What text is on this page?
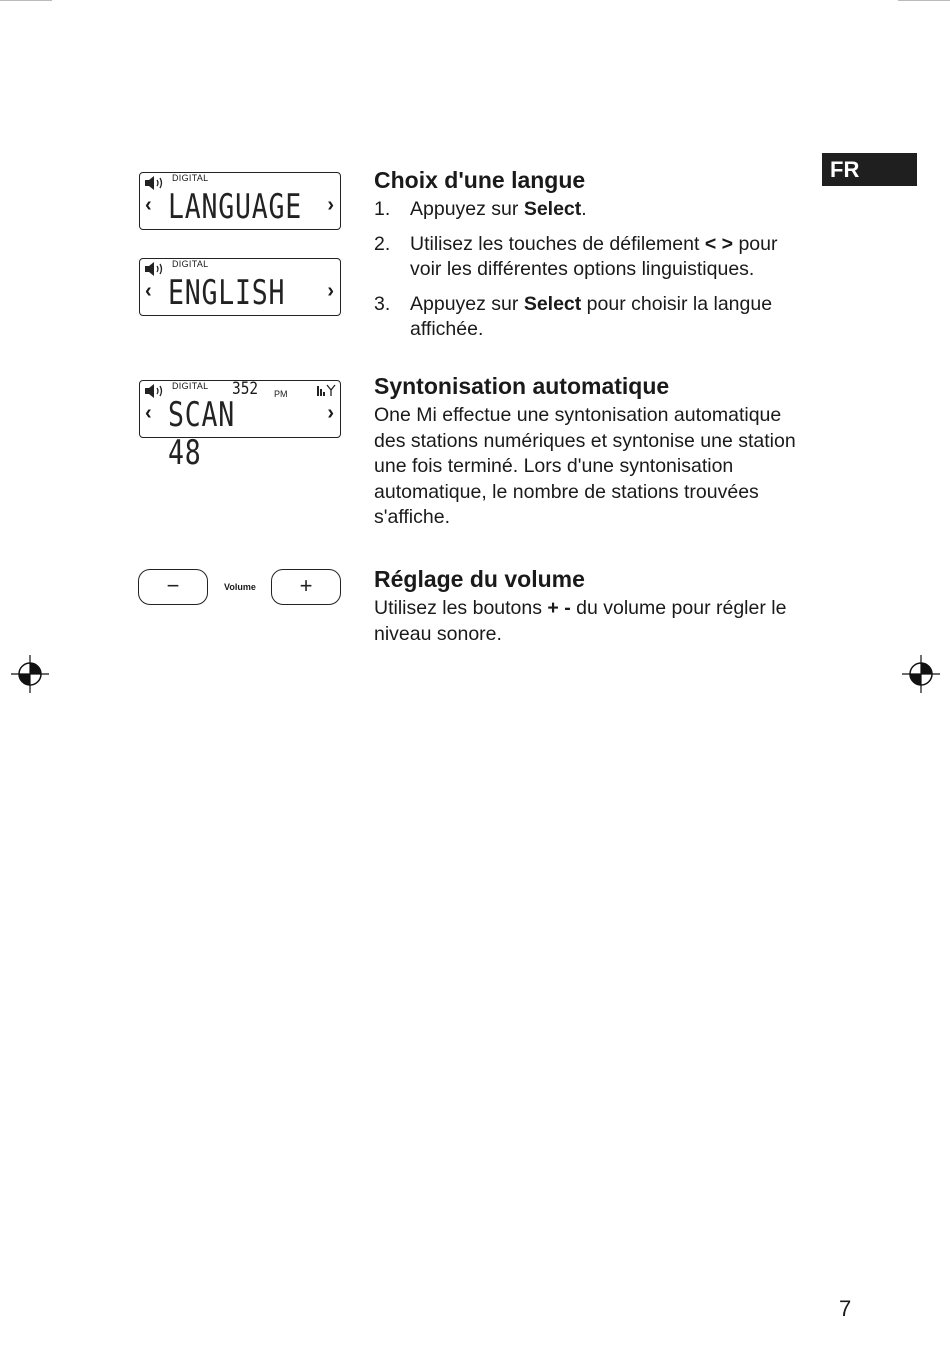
FR
DIGITAL
‹ LANGUAGE ›
DIGITAL
‹ ENGLISH ›
DIGITAL 352 PM
‹ SCAN 48
›
−	Volume	+
Choix d'une langue
1. Appuyez sur Select.
2. Utilisez les touches de défilement < > pour voir les différentes options linguistiques.
3. Appuyez sur Select pour choisir la langue affichée.
Syntonisation automatique

One Mi effectue une syntonisation automatique des stations numériques et syntonise une station une fois terminé. Lors d'une syntonisation automatique, le nombre de stations trouvées s'affiche.

Réglage du volume

Utilisez les boutons + - du volume pour régler le niveau sonore.

7
